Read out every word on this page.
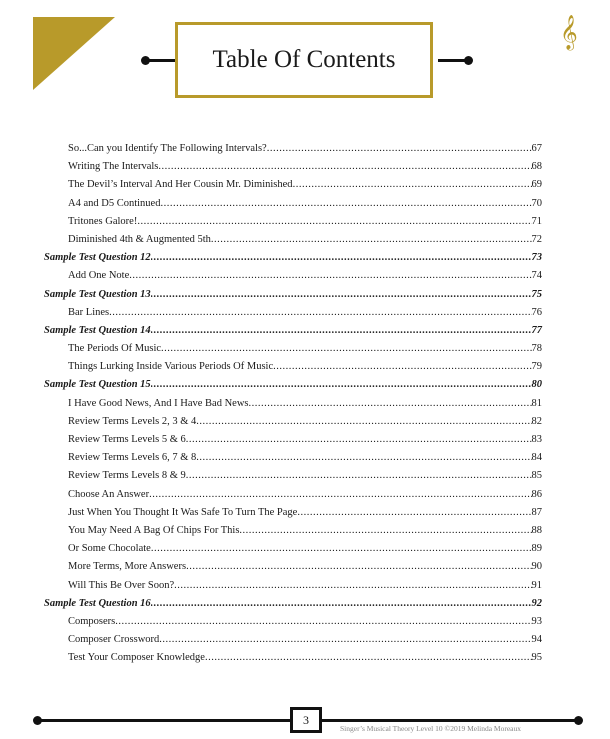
𝄞
Table Of Contents
So...Can you Identify The Following Intervals? .....	67
Writing The Intervals .....	68
The Devil’s Interval And Her Cousin Mr. Diminished .....	69
A4 and D5 Continued .....	70
Tritones Galore! .....	71
Diminished 4th & Augmented 5th .....	72
Sample Test Question 12 .....	73
Add One Note .....	74
Sample Test Question 13 .....	75
Bar Lines .....	76
Sample Test Question 14 .....	77
The Periods Of Music .....	78
Things Lurking Inside Various Periods Of Music .....	79
Sample Test Question 15 .....	80
I Have Good News, And I Have Bad News .....	81
Review Terms Levels 2, 3 & 4 .....	82
Review Terms Levels 5 & 6 .....	83
Review Terms Levels 6, 7 & 8 .....	84
Review Terms Levels 8 & 9 .....	85
Choose An Answer .....	86
Just When You Thought It Was Safe To Turn The Page .....	87
You May Need A Bag Of Chips For This .....	88
Or Some Chocolate .....	89
More Terms, More Answers .....	90
Will This Be Over Soon? .....	91
Sample Test Question 16 .....	92
Composers .....	93
Composer Crossword .....	94
Test Your Composer Knowledge .....	95
3
Singer’s Musical Theory Level 10 ©2019 Melinda Moreaux
